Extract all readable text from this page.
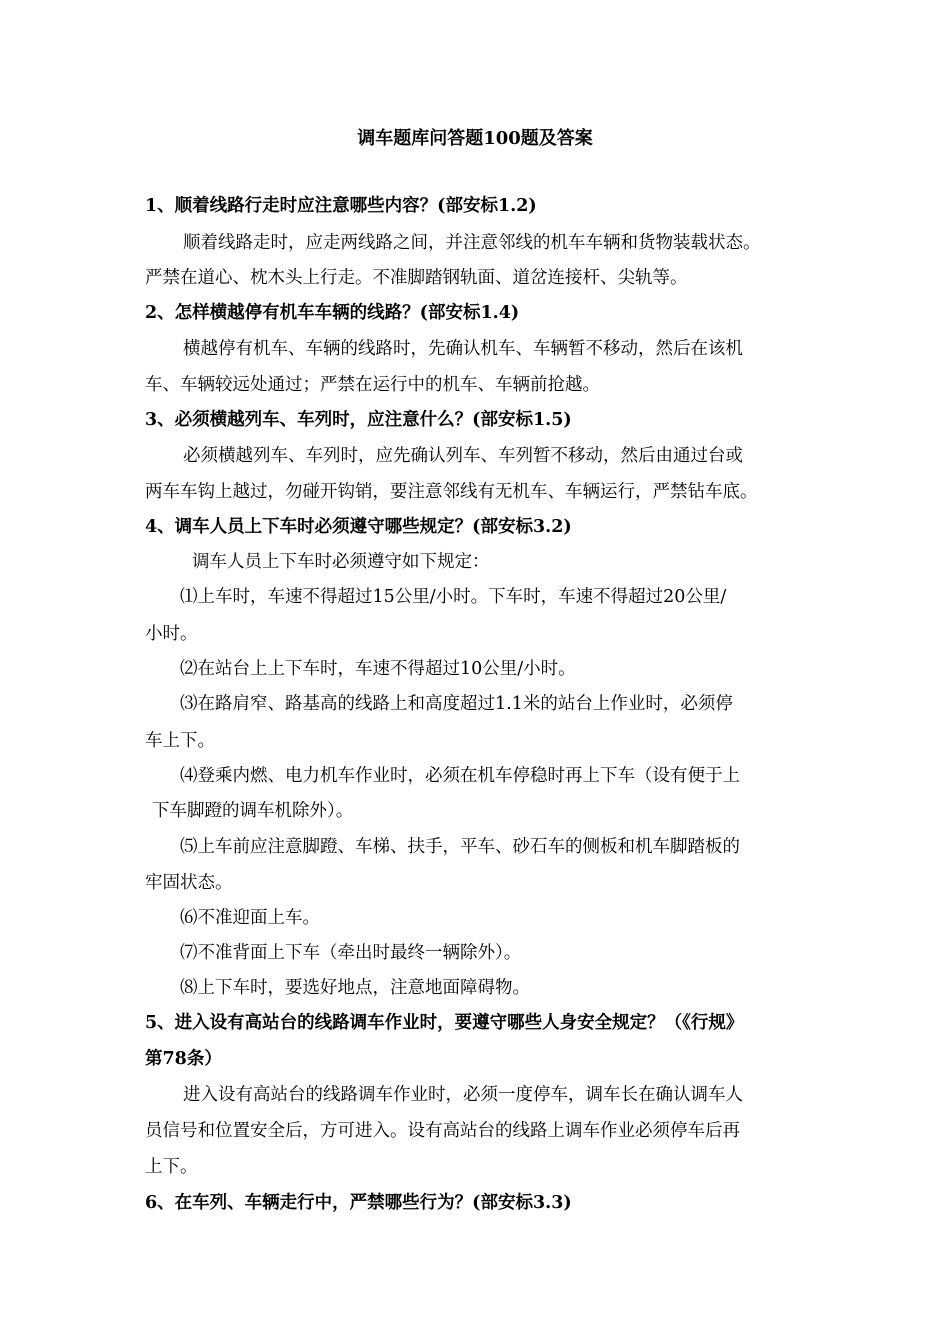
调车题库问答题100题及答案
1、顺着线路行走时应注意哪些内容？(部安标1.2)
顺着线路走时，应走两线路之间，并注意邻线的机车车辆和货物装载状态。
严禁在道心、枕木头上行走。不准脚踏钢轨面、道岔连接杆、尖轨等。
2、怎样横越停有机车车辆的线路？(部安标1.4)
横越停有机车、车辆的线路时，先确认机车、车辆暂不移动，然后在该机
车、车辆较远处通过；严禁在运行中的机车、车辆前抢越。
3、必须横越列车、车列时，应注意什么？(部安标1.5)
必须横越列车、车列时，应先确认列车、车列暂不移动，然后由通过台或
两车车钩上越过，勿碰开钩销，要注意邻线有无机车、车辆运行，严禁钻车底。
4、调车人员上下车时必须遵守哪些规定？(部安标3.2)
调车人员上下车时必须遵守如下规定：
⑴上车时，车速不得超过15公里/小时。下车时，车速不得超过20公里/
小时。
⑵在站台上上下车时，车速不得超过10公里/小时。
⑶在路肩窄、路基高的线路上和高度超过1.1米的站台上作业时，必须停
车上下。
⑷登乘内燃、电力机车作业时，必须在机车停稳时再上下车（设有便于上
下车脚蹬的调车机除外）。
⑸上车前应注意脚蹬、车梯、扶手，平车、砂石车的侧板和机车脚踏板的
牢固状态。
⑹不准迎面上车。
⑺不准背面上下车（牵出时最终一辆除外）。
⑻上下车时，要选好地点，注意地面障碍物。
5、进入设有高站台的线路调车作业时，要遵守哪些人身安全规定？（《行规》
第78条）
进入设有高站台的线路调车作业时，必须一度停车，调车长在确认调车人
员信号和位置安全后，方可进入。设有高站台的线路上调车作业必须停车后再
上下。
6、在车列、车辆走行中，严禁哪些行为？(部安标3.3)
